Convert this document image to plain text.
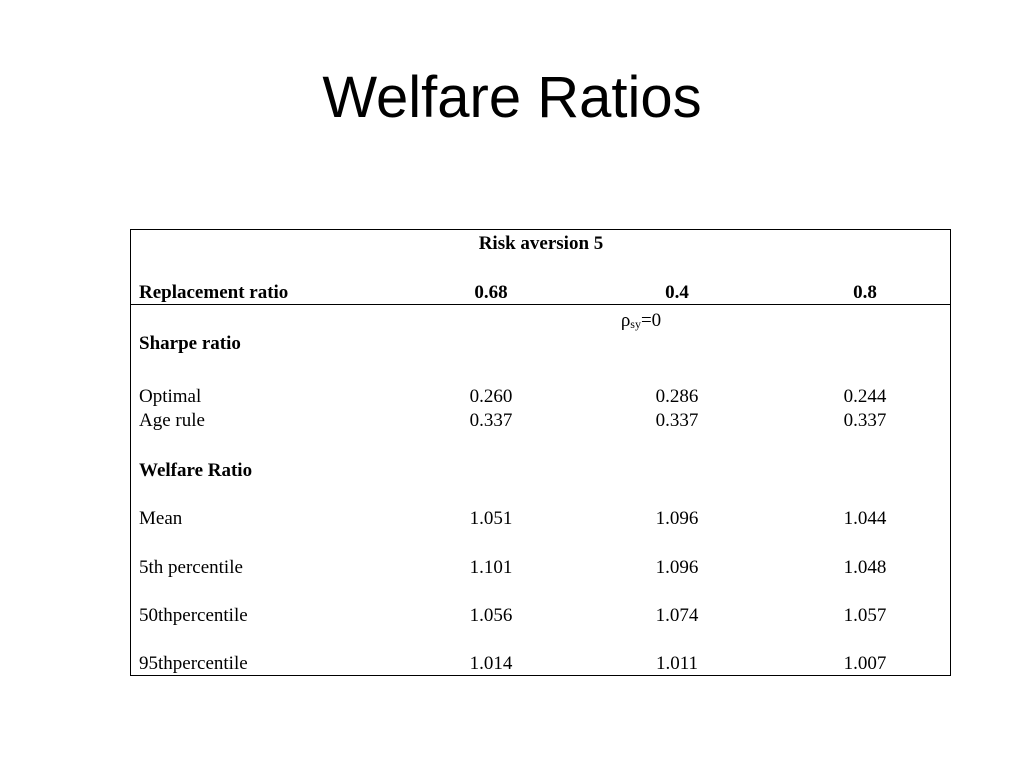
Welfare Ratios
Risk aversion 5
Replacement ratio	0.68	0.4	0.8
$\rho_{sy}=0$
Sharpe ratio
Optimal	0.260	0.286	0.244
Age rule	0.337	0.337	0.337
Welfare Ratio
Mean	1.051	1.096	1.044
5th percentile	1.101	1.096	1.048
50thpercentile	1.056	1.074	1.057
95thpercentile	1.014	1.011	1.007
